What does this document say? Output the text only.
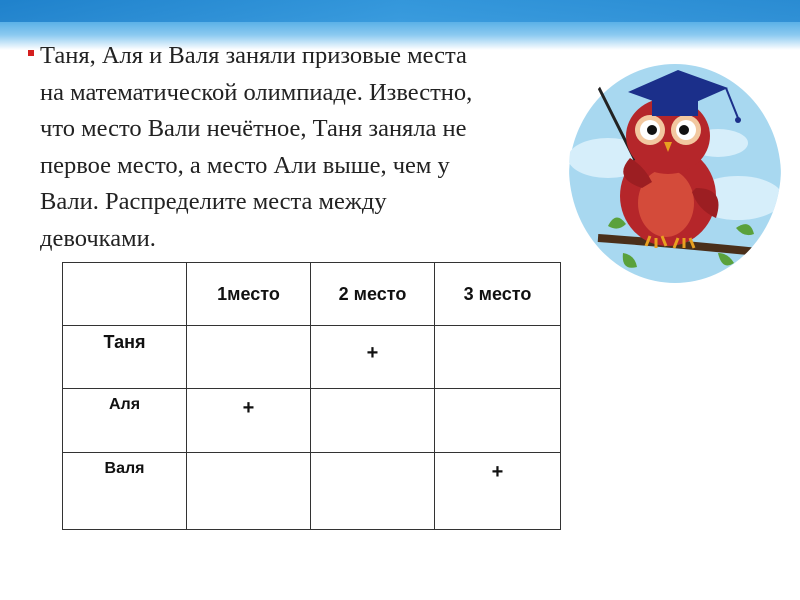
Таня, Аля и Валя заняли призовые места
на математической олимпиаде. Известно,
что место Вали нечётное, Таня заняла не
первое место, а место Али выше, чем у
Вали. Распределите места между
девочками.

	1место	2 место	3 место
Таня		+	
Аля	+		
Валя			+
